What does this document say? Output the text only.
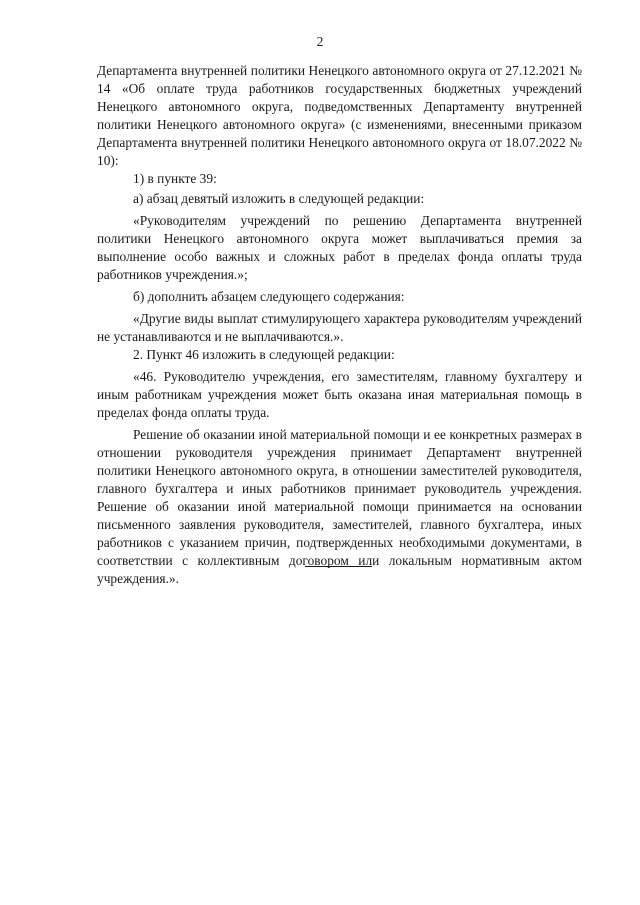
2

Департамента внутренней политики Ненецкого автономного округа от 27.12.2021 № 14 «Об оплате труда работников государственных бюджетных учреждений Ненецкого автономного округа, подведомственных Департаменту внутренней политики Ненецкого автономного округа» (с изменениями, внесенными приказом Департамента внутренней политики Ненецкого автономного округа от 18.07.2022 № 10):

1) в пункте 39:

а) абзац девятый изложить в следующей редакции:

«Руководителям учреждений по решению Департамента внутренней политики Ненецкого автономного округа может выплачиваться премия за выполнение особо важных и сложных работ в пределах фонда оплаты труда работников учреждения.»;

б) дополнить абзацем следующего содержания:

«Другие виды выплат стимулирующего характера руководителям учреждений не устанавливаются и не выплачиваются.».

2. Пункт 46 изложить в следующей редакции:

«46. Руководителю учреждения, его заместителям, главному бухгалтеру и иным работникам учреждения может быть оказана иная материальная помощь в пределах фонда оплаты труда.

Решение об оказании иной материальной помощи и ее конкретных размерах в отношении руководителя учреждения принимает Департамент внутренней политики Ненецкого автономного округа, в отношении заместителей руководителя, главного бухгалтера и иных работников принимает руководитель учреждения. Решение об оказании иной материальной помощи принимается на основании письменного заявления руководителя, заместителей, главного бухгалтера, иных работников с указанием причин, подтвержденных необходимыми документами, в соответствии с коллективным договором или локальным нормативным актом учреждения.».
